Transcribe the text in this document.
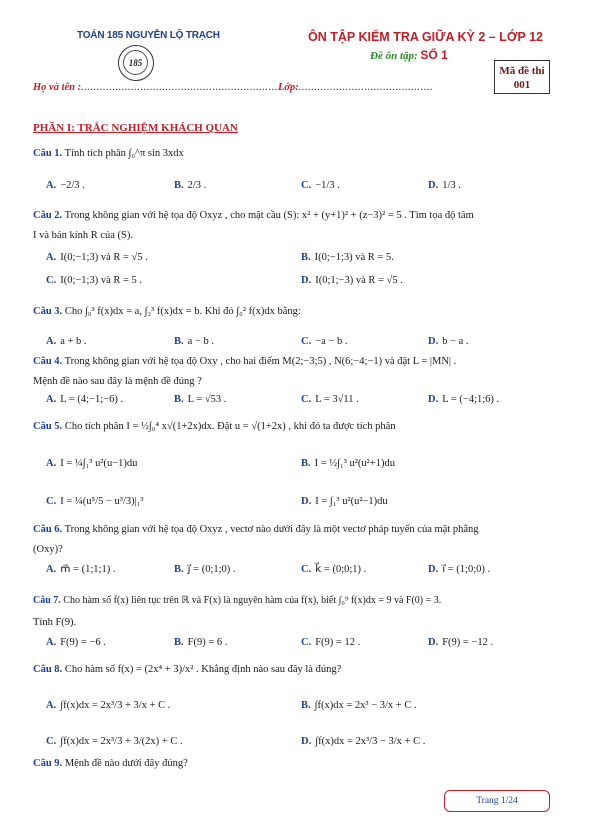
TOÁN 185 NGUYỄN LỘ TRẠCH
185
ÔN TẬP KIỂM TRA GIỮA KỲ 2 – LỚP 12
Đề ôn tập: SỐ 1
Mã đề thi
001
Họ và tên :...............................................................Lớp:...........................................
PHẦN I: TRẮC NGHIỆM KHÁCH QUAN
Câu 1. Tính tích phân ∫₀^π sin 3xdx
A. −2/3 .	B. 2/3 .	C. −1/3 .	D. 1/3 .
Câu 2. Trong không gian với hệ tọa độ Oxyz , cho mặt cầu (S): x² + (y+1)² + (z−3)² = 5 . Tìm tọa độ tâm
I và bán kính R của (S).
A. I(0;−1;3) và R = √5 .	B. I(0;−1;3) và R = 5.
C. I(0;−1;3) và R = 5 .	D. I(0;1;−3) và R = √5 .
Câu 3. Cho ∫₀³ f(x)dx = a, ∫₂³ f(x)dx = b. Khi đó ∫₀² f(x)dx bằng:
A. a + b .	B. a − b .	C. −a − b .	D. b − a .
Câu 4. Trong không gian với hệ tọa độ Oxy , cho hai điểm M(2;−3;5) , N(6;−4;−1) và đặt L = |MN| .
Mệnh đề nào sau đây là mệnh đề đúng ?
A. L = (4;−1;−6) .	B. L = √53 .	C. L = 3√11 .	D. L = (−4;1;6) .
Câu 5. Cho tích phân I = ½∫₀⁴ x√(1+2x)dx. Đặt u = √(1+2x) , khi đó ta được tích phân
A. I = ¼∫₁³ u²(u−1)du	B. I = ½∫₁³ u²(u²+1)du
C. I = ¼(u⁵/5 − u³/3)|₁³	D. I = ∫₁³ u²(u²−1)du
Câu 6. Trong không gian với hệ tọa độ Oxyz , vectơ nào dưới đây là một vectơ pháp tuyến của mặt phẳng
(Oxy)?
A. m⃗ = (1;1;1) .	B. j⃗ = (0;1;0) .	C. k⃗ = (0;0;1) .	D. i⃗ = (1;0;0) .
Câu 7. Cho hàm số f(x) liên tục trên ℝ và F(x) là nguyên hàm của f(x), biết ∫₀⁹ f(x)dx = 9 và F(0) = 3.
Tính F(9).
A. F(9) = −6 .	B. F(9) = 6 .	C. F(9) = 12 .	D. F(9) = −12 .
Câu 8. Cho hàm số f(x) = (2x⁴ + 3)/x² . Khẳng định nào sau đây là đúng?
A. ∫f(x)dx = 2x³/3 + 3/x + C .	B. ∫f(x)dx = 2x³ − 3/x + C .
C. ∫f(x)dx = 2x³/3 + 3/(2x) + C .	D. ∫f(x)dx = 2x³/3 − 3/x + C .
Câu 9. Mệnh đề nào dưới đây đúng?
Trang 1/24
